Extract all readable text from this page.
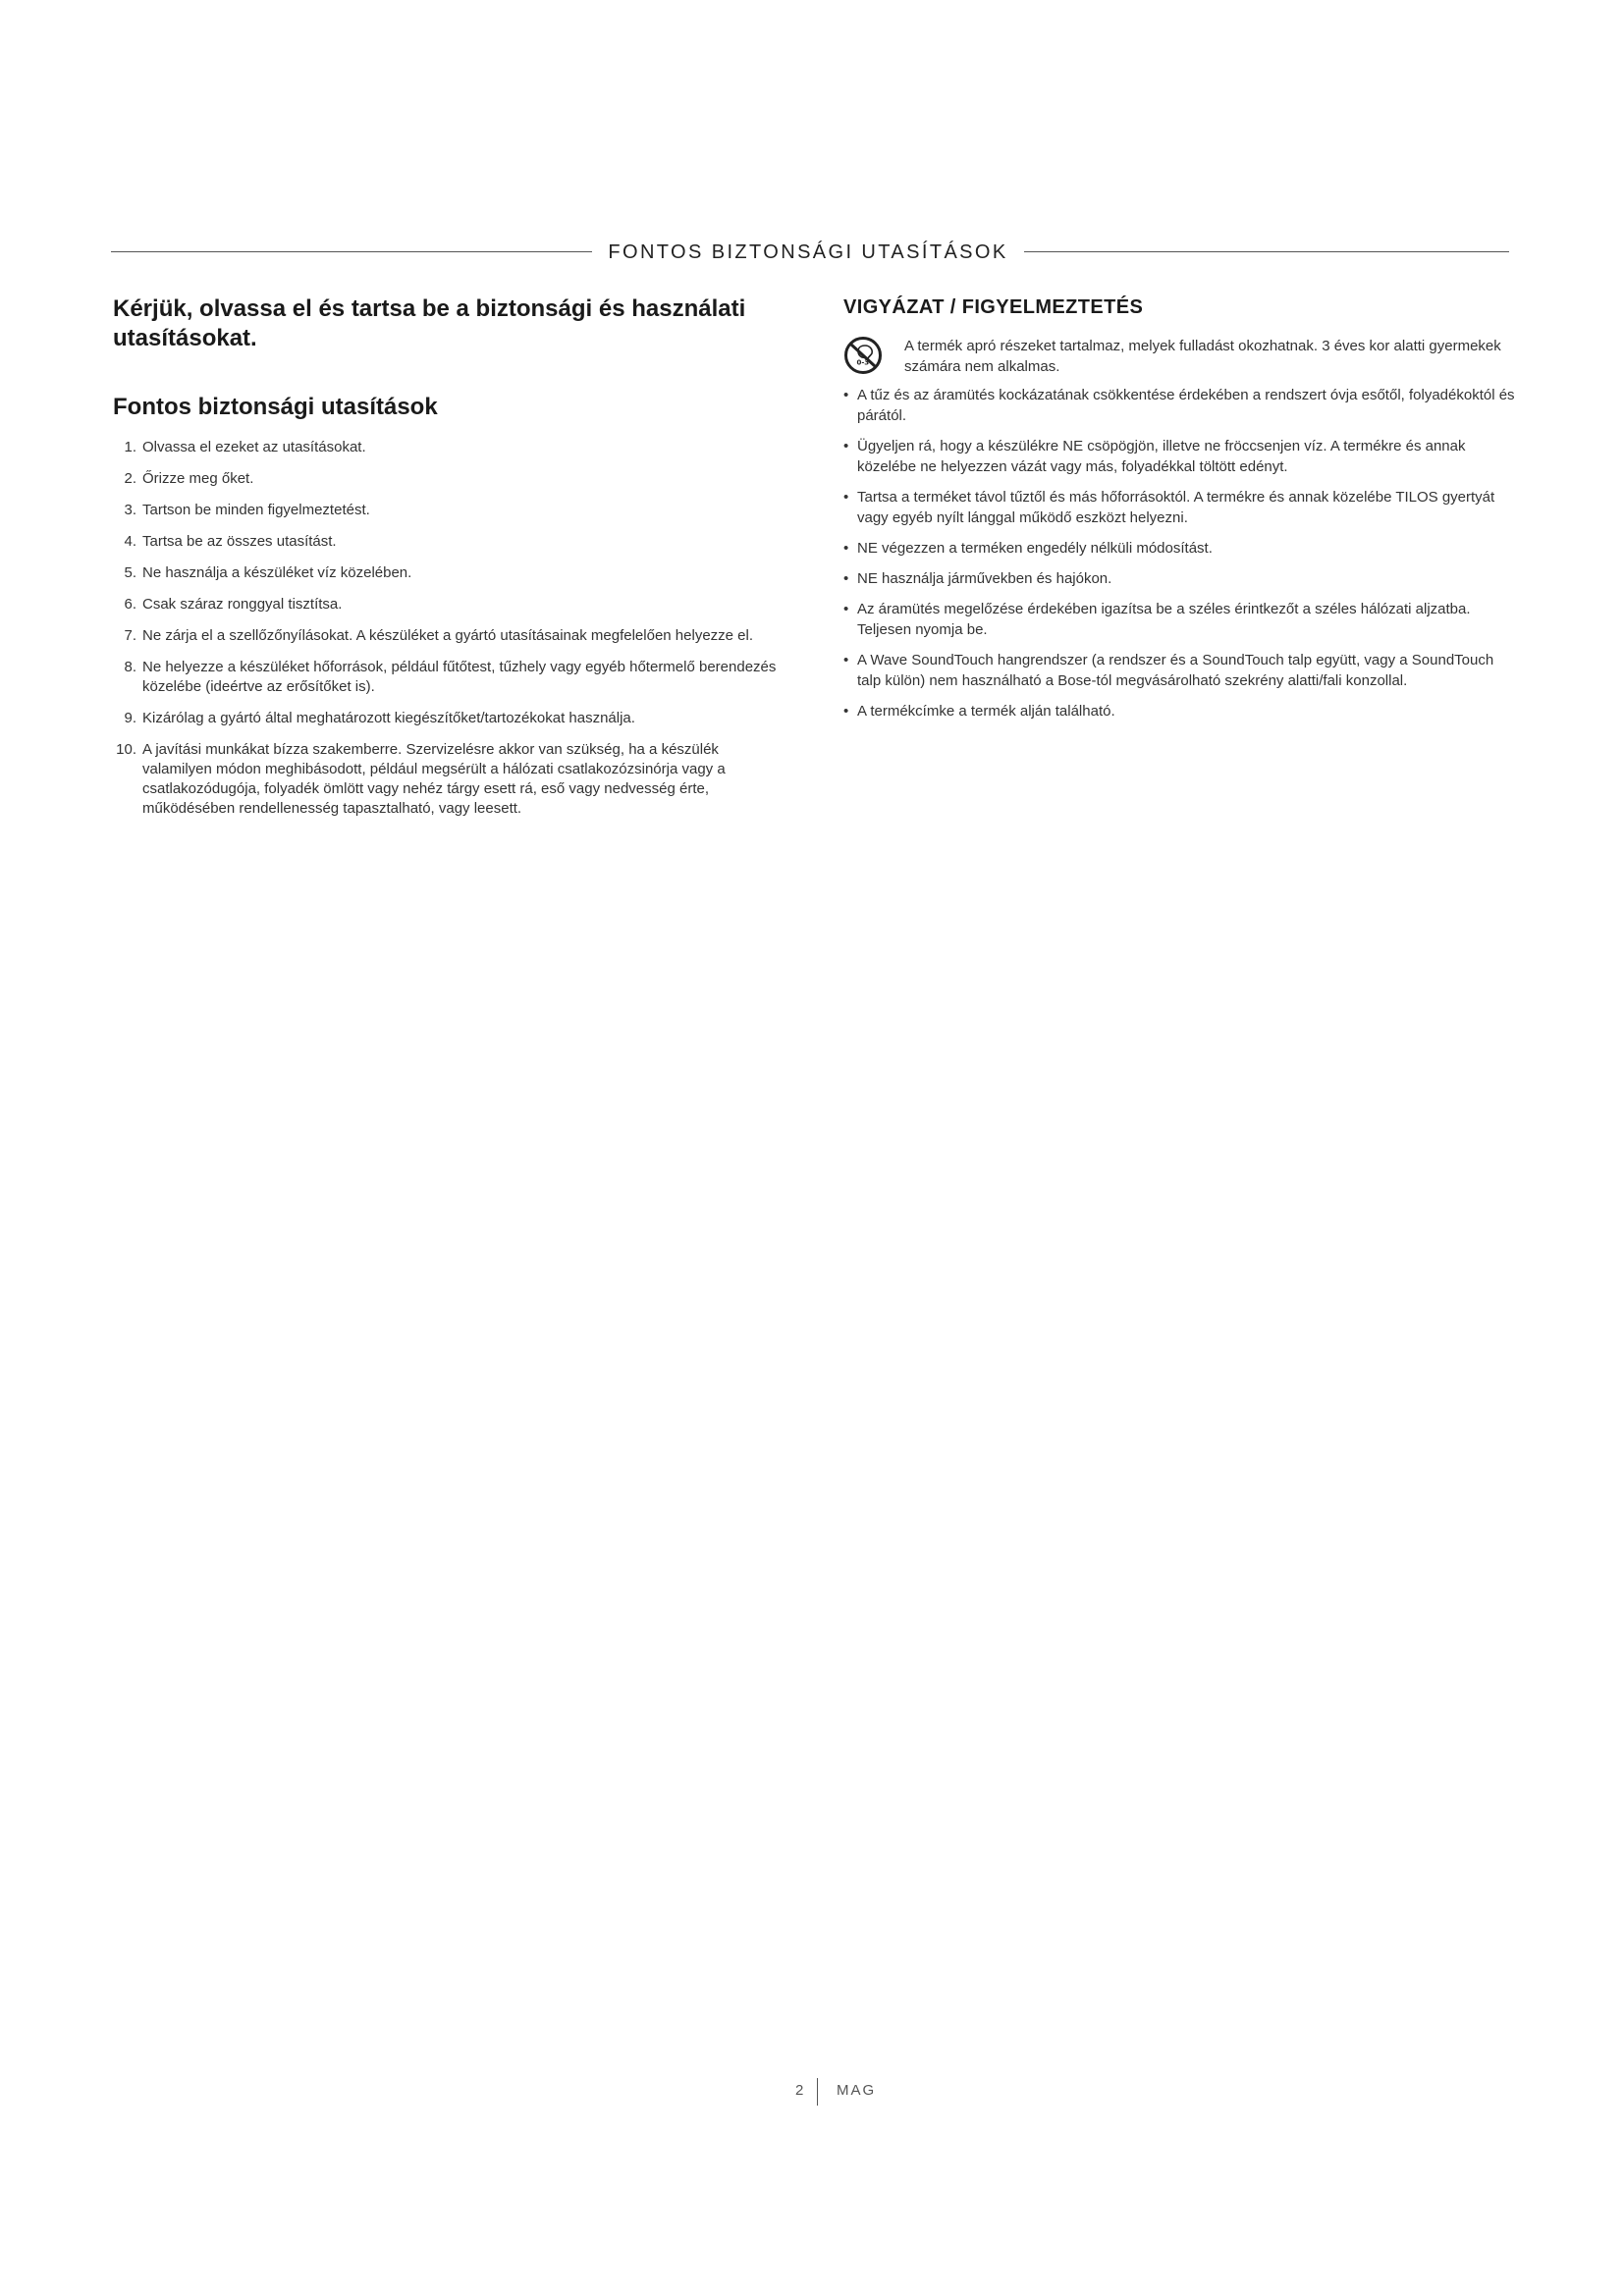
FONTOS BIZTONSÁGI UTASÍTÁSOK
Kérjük, olvassa el és tartsa be a biztonsági és használati utasításokat.
Fontos biztonsági utasítások
1. Olvassa el ezeket az utasításokat.
2. Őrizze meg őket.
3. Tartson be minden figyelmeztetést.
4. Tartsa be az összes utasítást.
5. Ne használja a készüléket víz közelében.
6. Csak száraz ronggyal tisztítsa.
7. Ne zárja el a szellőzőnyílásokat. A készüléket a gyártó utasításainak megfelelően helyezze el.
8. Ne helyezze a készüléket hőforrások, például fűtőtest, tűzhely vagy egyéb hőtermelő berendezés közelébe (ideértve az erősítőket is).
9. Kizárólag a gyártó által meghatározott kiegészítőket/tartozékokat használja.
10. A javítási munkákat bízza szakemberre. Szervizelésre akkor van szükség, ha a készülék valamilyen módon meghibásodott, például megsérült a hálózati csatlakozózsinórja vagy a csatlakozódugója, folyadék ömlött vagy nehéz tárgy esett rá, eső vagy nedvesség érte, működésében rendellenesség tapasztalható, vagy leesett.
VIGYÁZAT / FIGYELMEZTETÉS
0-3
A termék apró részeket tartalmaz, melyek fulladást okozhatnak. 3 éves kor alatti gyermekek számára nem alkalmas.
• A tűz és az áramütés kockázatának csökkentése érdekében a rendszert óvja esőtől, folyadékoktól és párától.
• Ügyeljen rá, hogy a készülékre NE csöpögjön, illetve ne fröccsenjen víz. A termékre és annak közelébe ne helyezzen vázát vagy más, folyadékkal töltött edényt.
• Tartsa a terméket távol tűztől és más hőforrásoktól. A termékre és annak közelébe TILOS gyertyát vagy egyéb nyílt lánggal működő eszközt helyezni.
• NE végezzen a terméken engedély nélküli módosítást.
• NE használja járművekben és hajókon.
• Az áramütés megelőzése érdekében igazítsa be a széles érintkezőt a széles hálózati aljzatba. Teljesen nyomja be.
• A Wave SoundTouch hangrendszer (a rendszer és a SoundTouch talp együtt, vagy a SoundTouch talp külön) nem használható a Bose-tól megvásárolható szekrény alatti/fali konzollal.
• A termékcímke a termék alján található.
2 MAG
